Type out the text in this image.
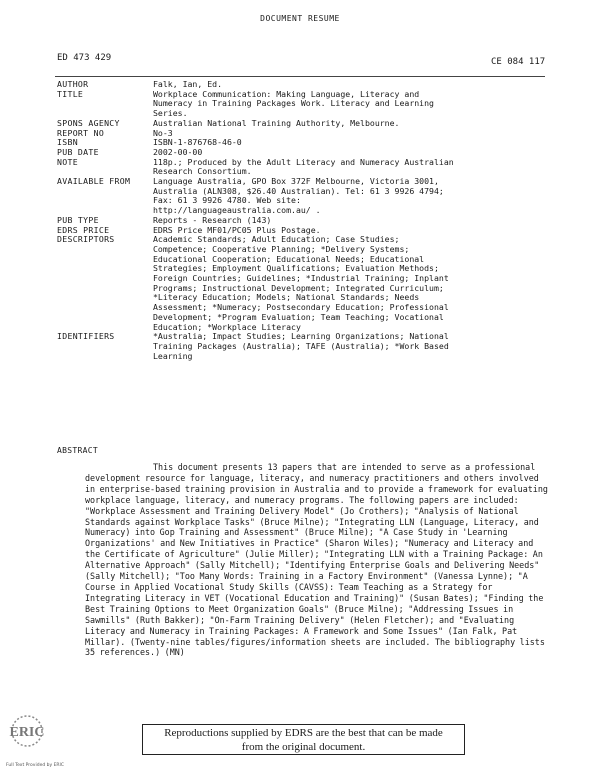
DOCUMENT RESUME
ED 473 429	CE 084 117
AUTHOR	Falk, Ian, Ed.
TITLE	Workplace Communication: Making Language, Literacy and
Numeracy in Training Packages Work. Literacy and Learning
Series.
SPONS AGENCY	Australian National Training Authority, Melbourne.
REPORT NO	No-3
ISBN	ISBN-1-876768-46-0
PUB DATE	2002-00-00
NOTE	118p.; Produced by the Adult Literacy and Numeracy Australian
Research Consortium.
AVAILABLE FROM	Language Australia, GPO Box 372F Melbourne, Victoria 3001,
Australia (ALN308, $26.40 Australian). Tel: 61 3 9926 4794;
Fax: 61 3 9926 4780. Web site:
http://languageaustralia.com.au/ .
PUB TYPE	Reports - Research (143)
EDRS PRICE	EDRS Price MF01/PC05 Plus Postage.
DESCRIPTORS	Academic Standards; Adult Education; Case Studies;
Competence; Cooperative Planning; *Delivery Systems;
Educational Cooperation; Educational Needs; Educational
Strategies; Employment Qualifications; Evaluation Methods;
Foreign Countries; Guidelines; *Industrial Training; Inplant
Programs; Instructional Development; Integrated Curriculum;
*Literacy Education; Models; National Standards; Needs
Assessment; *Numeracy; Postsecondary Education; Professional
Development; *Program Evaluation; Team Teaching; Vocational
Education; *Workplace Literacy
IDENTIFIERS	*Australia; Impact Studies; Learning Organizations; National
Training Packages (Australia); TAFE (Australia); *Work Based
Learning
ABSTRACT

This document presents 13 papers that are intended to serve as a professional development resource for language, literacy, and numeracy practitioners and others involved in enterprise-based training provision in Australia and to provide a framework for evaluating workplace language, literacy, and numeracy programs. The following papers are included: "Workplace Assessment and Training Delivery Model" (Jo Crothers); "Analysis of National Standards against Workplace Tasks" (Bruce Milne); "Integrating LLN (Language, Literacy, and Numeracy) into Gop Training and Assessment" (Bruce Milne); "A Case Study in 'Learning Organizations' and New Initiatives in Practice" (Sharon Wiles); "Numeracy and Literacy and the Certificate of Agriculture" (Julie Miller); "Integrating LLN with a Training Package: An Alternative Approach" (Sally Mitchell); "Identifying Enterprise Goals and Delivering Needs" (Sally Mitchell); "Too Many Words: Training in a Factory Environment" (Vanessa Lynne); "A Course in Applied Vocational Study Skills (CAVSS): Team Teaching as a Strategy for Integrating Literacy in VET (Vocational Education and Training)" (Susan Bates); "Finding the Best Training Options to Meet Organization Goals" (Bruce Milne); "Addressing Issues in Sawmills" (Ruth Bakker); "On-Farm Training Delivery" (Helen Fletcher); and "Evaluating Literacy and Numeracy in Training Packages: A Framework and Some Issues" (Ian Falk, Pat Millar). (Twenty-nine tables/figures/information sheets are included. The bibliography lists 35 references.) (MN)

Reproductions supplied by EDRS are the best that can be made
from the original document.
ERIC
Full Text Provided by ERIC
